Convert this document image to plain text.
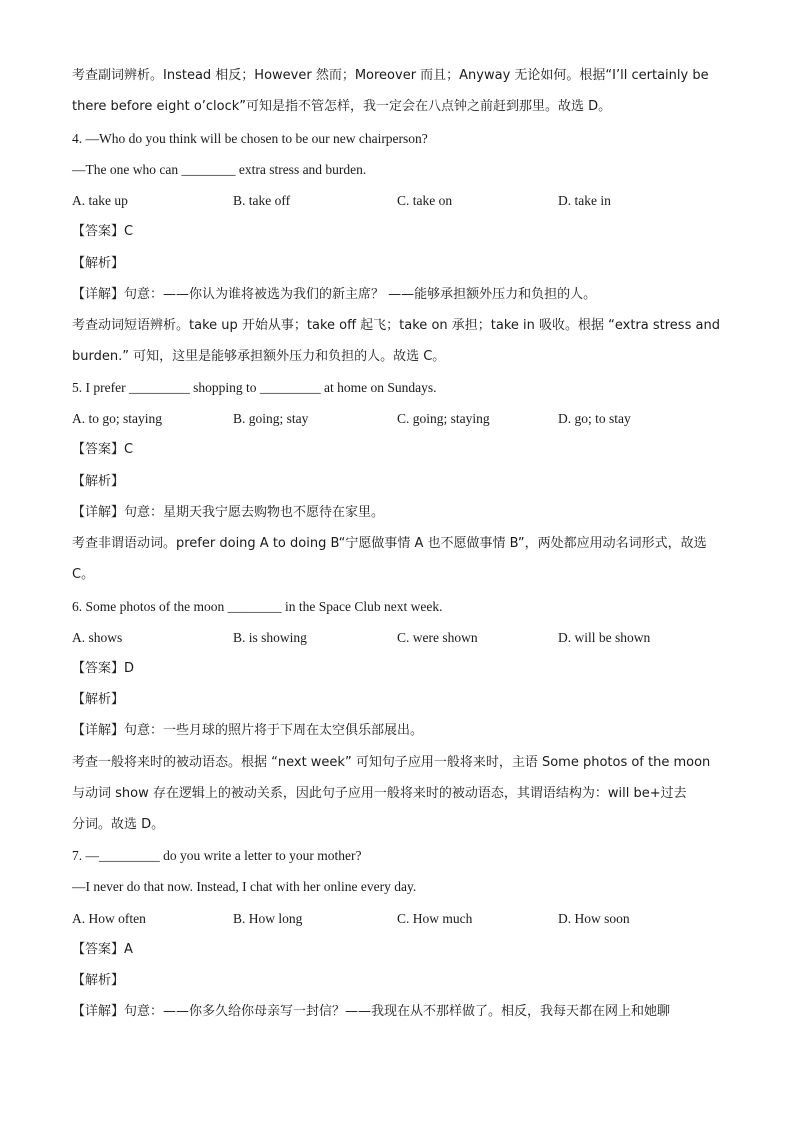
考查副词辨析。Instead 相反；However 然而；Moreover 而且；Anyway 无论如何。根据“I’ll certainly be
there before eight o’clock”可知是指不管怎样，我一定会在八点钟之前赶到那里。故选 D。
4. —Who do you think will be chosen to be our new chairperson?
—The one who can ________ extra stress and burden.
A. take up	B. take off	C. take on	D. take in
【答案】C
【解析】
【详解】句意：——你认为谁将被选为我们的新主席？ ——能够承担额外压力和负担的人。
考查动词短语辨析。take up 开始从事；take off 起飞；take on 承担；take in 吸收。根据 “extra stress and
burden.” 可知，这里是能够承担额外压力和负担的人。故选 C。
5. I prefer _________ shopping to _________ at home on Sundays.
A. to go; staying	B. going; stay	C. going; staying	D. go; to stay
【答案】C
【解析】
【详解】句意：星期天我宁愿去购物也不愿待在家里。
考查非谓语动词。prefer doing A to doing B“宁愿做事情 A 也不愿做事情 B”，两处都应用动名词形式，故选
C。
6. Some photos of the moon ________ in the Space Club next week.
A. shows	B. is showing	C. were shown	D. will be shown
【答案】D
【解析】
【详解】句意：一些月球的照片将于下周在太空俱乐部展出。
考查一般将来时的被动语态。根据 “next week” 可知句子应用一般将来时，主语 Some photos of the moon
与动词 show 存在逻辑上的被动关系，因此句子应用一般将来时的被动语态，其谓语结构为：will be+过去
分词。故选 D。
7. —_________ do you write a letter to your mother?
—I never do that now. Instead, I chat with her online every day.
A. How often	B. How long	C. How much	D. How soon
【答案】A
【解析】
【详解】句意：——你多久给你母亲写一封信？——我现在从不那样做了。相反，我每天都在网上和她聊
